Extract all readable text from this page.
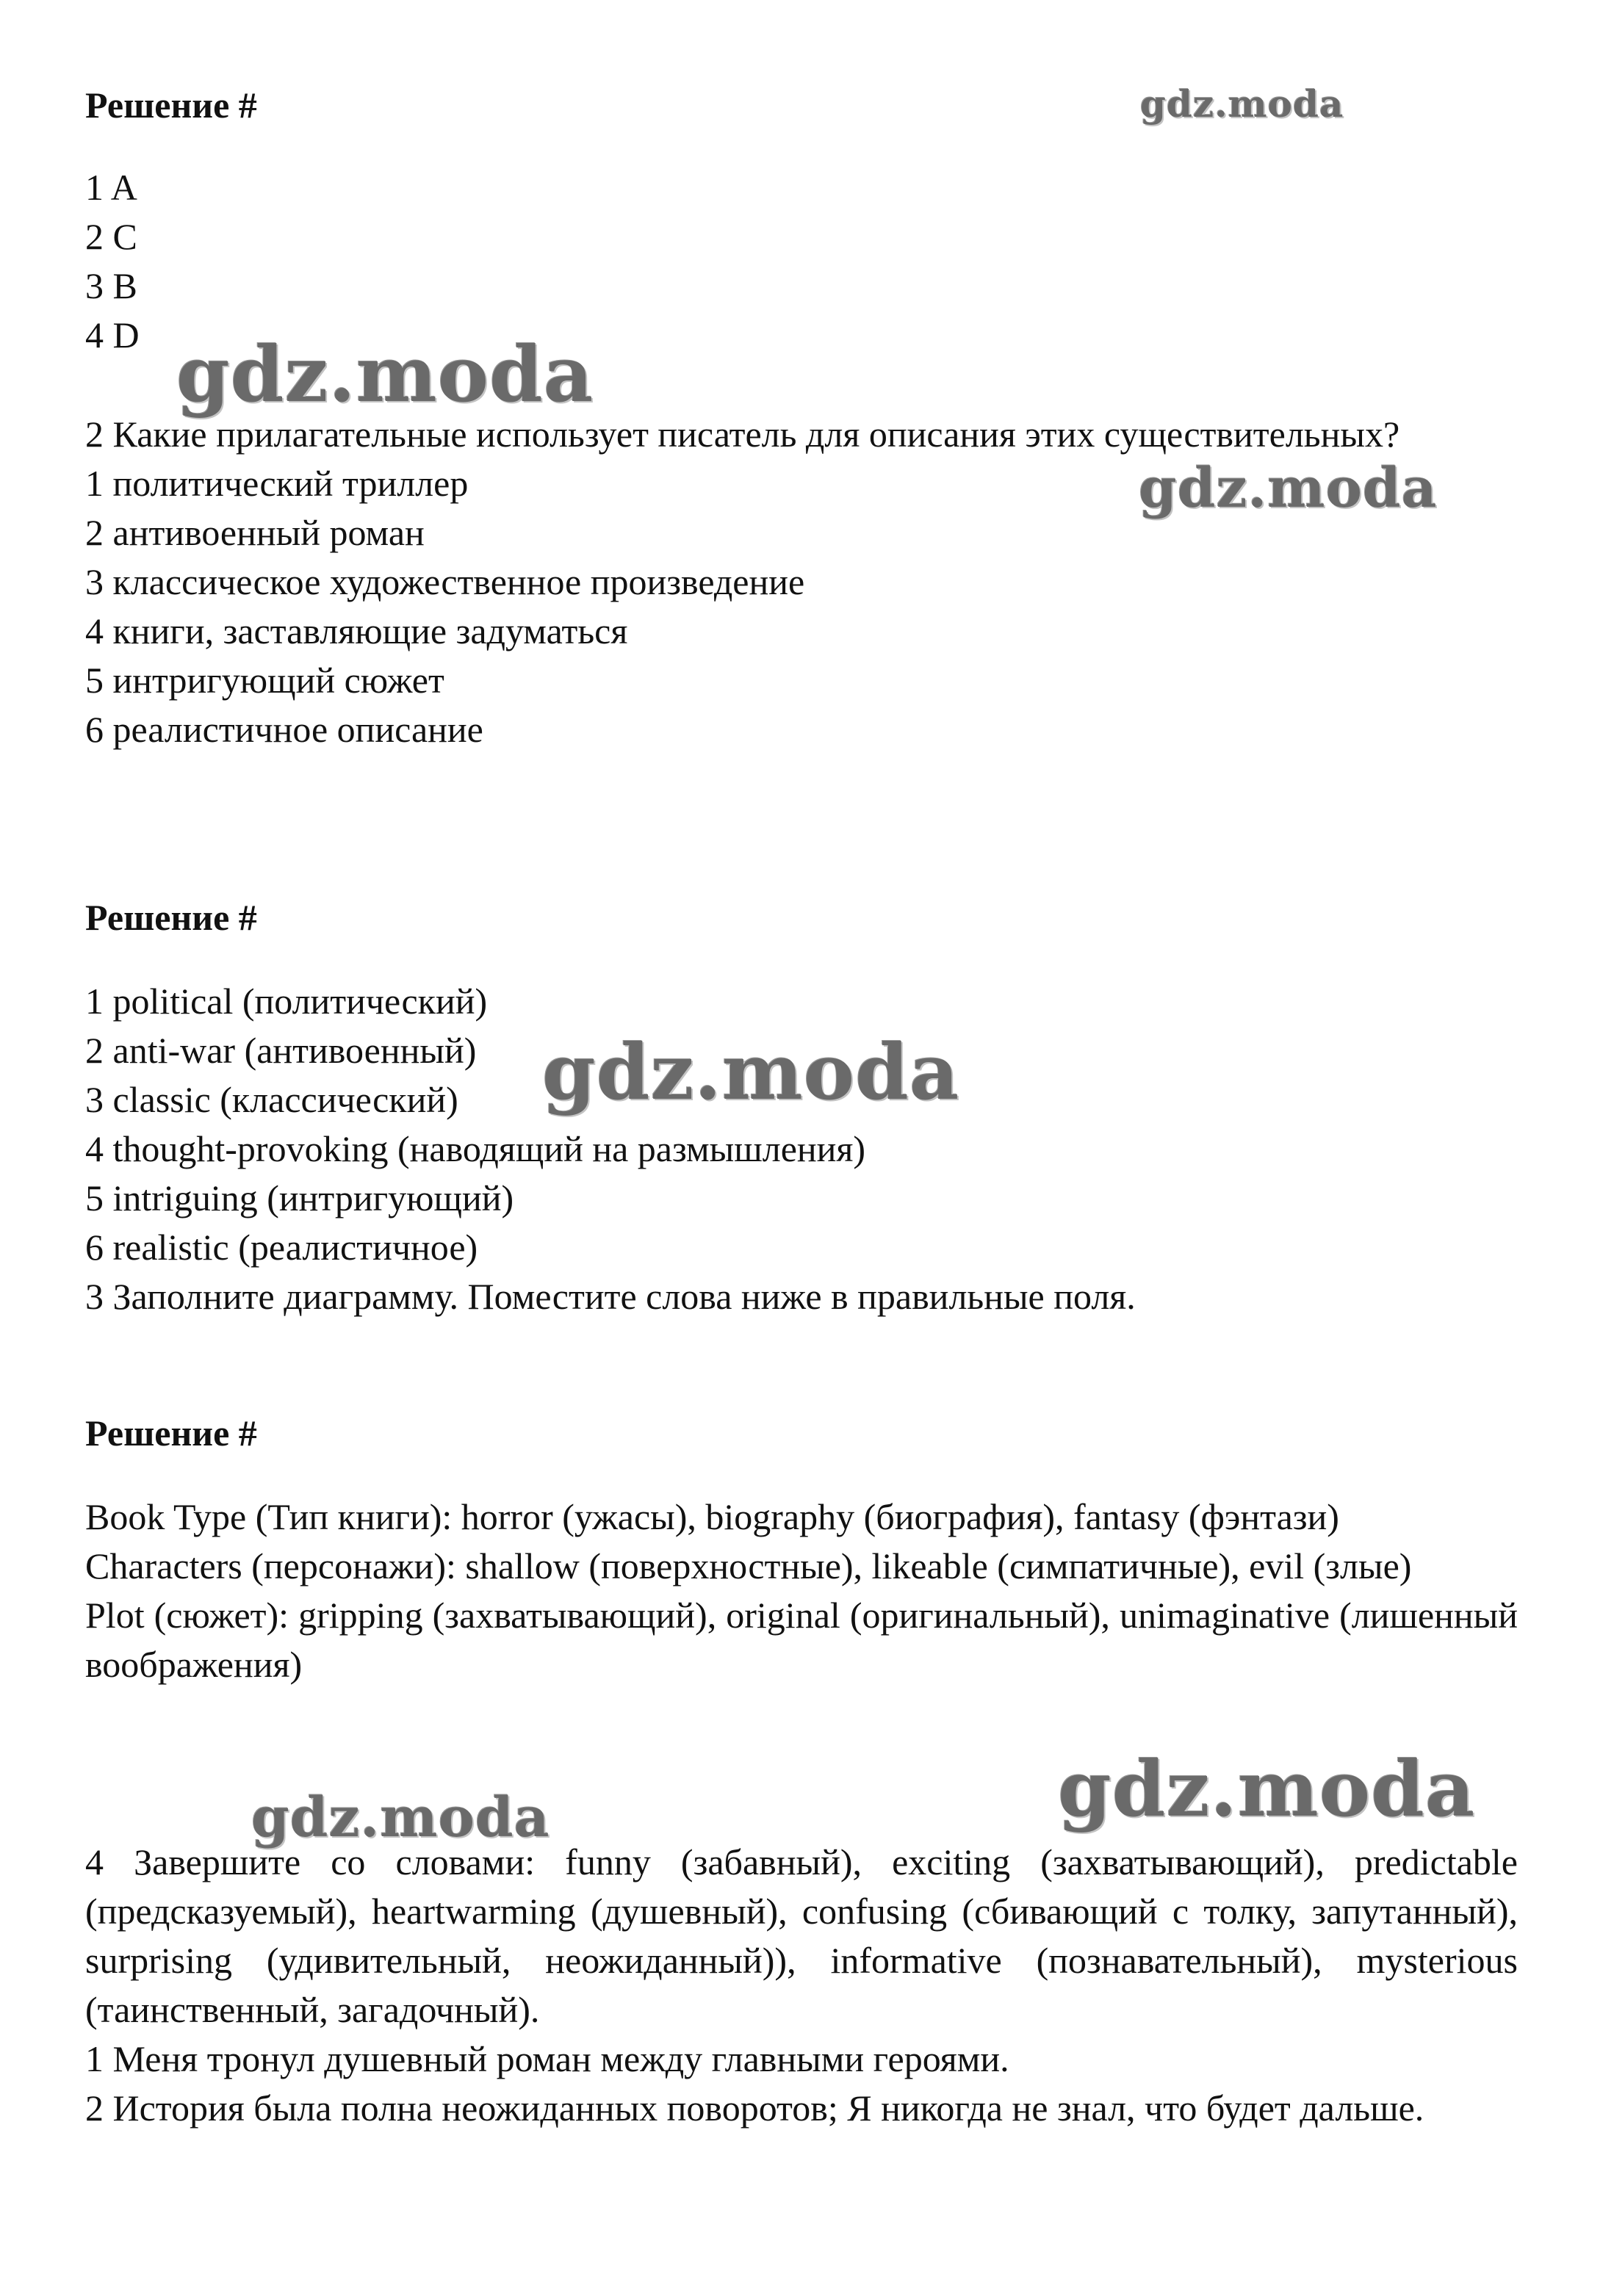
gdz.moda
gdz.moda
gdz.moda
gdz.moda
gdz.moda
gdz.moda
Решение #

1 A

2 C

3 B

4 D

2 Какие прилагательные использует писатель для описания этих существительных?

1 политический триллер

2 антивоенный роман

3 классическое художественное произведение

4 книги, заставляющие задуматься

5 интригующий сюжет

6 реалистичное описание

Решение #

1 political (политический)

2 anti-war (антивоенный)

3 classic (классический)

4 thought-provoking (наводящий на размышления)

5 intriguing (интригующий)

6 realistic (реалистичное)

3 Заполните диаграмму. Поместите слова ниже в правильные поля.

Решение #

Book Type (Тип книги): horror (ужасы), biography (биография), fantasy (фэнтази)

Characters (персонажи): shallow (поверхностные), likeable (симпатичные), evil (злые)

Plot (сюжет): gripping (захватывающий), original (оригинальный), unimaginative (лишенный воображения)

4 Завершите со словами: funny (забавный), exciting (захватывающий), predictable (предсказуемый), heartwarming (душевный), confusing (сбивающий с толку, запутанный), surprising (удивительный, неожиданный)), informative (познавательный), mysterious (таинственный, загадочный).

1 Меня тронул душевный роман между главными героями.

2 История была полна неожиданных поворотов; Я никогда не знал, что будет дальше.
